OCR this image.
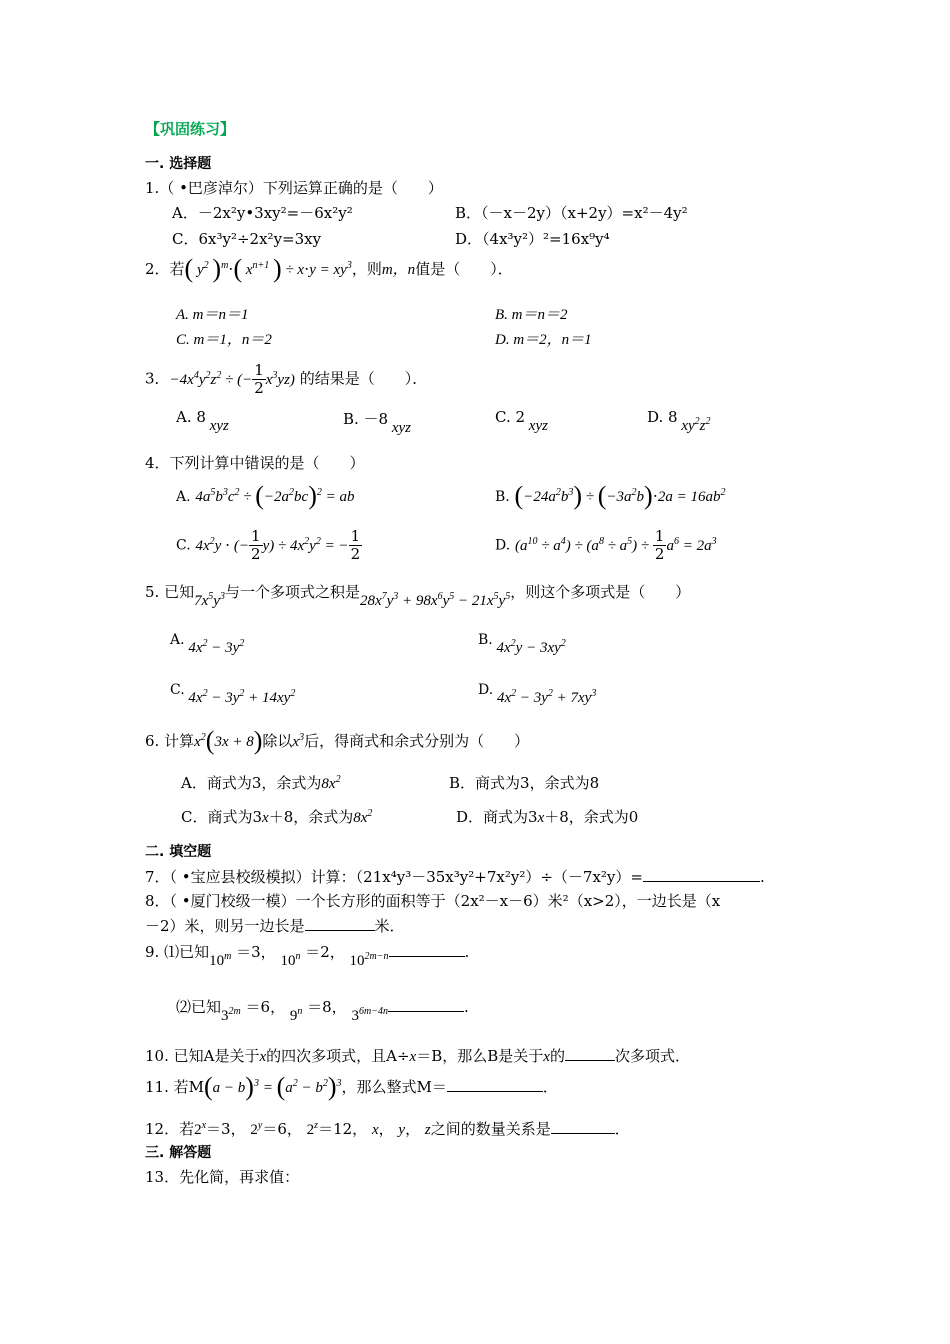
【巩固练习】
一. 选择题
1.（ •巴彦淖尔）下列运算正确的是（　　）
A．－2x²y•3xy²=－6x²y²	B．（－x－2y）（x+2y）=x²－4y²
C．6x³y²÷2x²y=3xy	D．（4x³y²）²=16x⁹y⁴
2．若( $y^2$ )$^m$⋅( $x^{n+1}$ ) ÷ $x\cdot y = xy^3$，则m，n值是（　　）．
A. m＝n＝1	B. m＝n＝2
C. m＝1，n＝2	D. m＝2，n＝1
3．$-4x^4y^2z^2$ ÷ (− $\frac{1}{2} x^3yz$) 的结果是（　　）．
A. 8 xyz	B. －8 xyz
C. 2 xyz	D. 8 $xy^2z^2$
4．下列计算中错误的是（　　）
A. $4a^5b^3c^2 \div (-2a^2bc)^2$ = ab	B. $(-24a^2b^3) \div (-3a^2b)\cdot 2a = 16ab^2$
C. $4x^2y$ ⋅ (− $\frac{1}{2} y) \div 4x^2y^2$ = − $\frac{1}{2}$	D. $(a^{10} \div a^4) \div (a^8 \div a^5) \div \frac{1}{2} a^6 = 2a^3$
5. 已知$7x^5y^3$与一个多项式之积是$28x^7y^3 + 98x^6y^5 - 21x^5y^5$，则这个多项式是（　　）
A. $4x^2 - 3y^2$	B. $4x^2y - 3xy^2$
C. $4x^2 - 3y^2 + 14xy^2$	D. $4x^2 - 3y^2 + 7xy^3$
6. 计算$x^2(3x + 8)$除以$x^3$后，得商式和余式分别为（　　）
A．商式为3，余式为$8x^2$	B．商式为3，余式为8
C．商式为3x＋8，余式为$8x^2$	D．商式为3x＋8，余式为0
二. 填空题
7．（ •宝应县校级模拟）计算：（21x⁴y³－35x³y²+7x²y²）÷（－7x²y）=	.
8．（ •厦门校级一模）一个长方形的面积等于（2x²－x－6）米²（x>2），一边长是（x
－2）米，则另一边长是	米．
9. ⑴已知$10^m =3$， $10^n =2$， $10^{2m-n}$	.
⑵已知$3^{2m} =6$， $9^n =8$， $3^{6m-4n}$	.
10. 已知A是关于x的四次多项式，且A÷x＝B，那么B是关于x的	次多项式．
11. 若$M(a - b)^3 = (a^2 - b^2)^3$，那么整式M＝	．
12．若$2^x=3$， $2^y=6$， $2^z=12$， x， y， z之间的数量关系是	．
三. 解答题
13．先化简，再求值：
